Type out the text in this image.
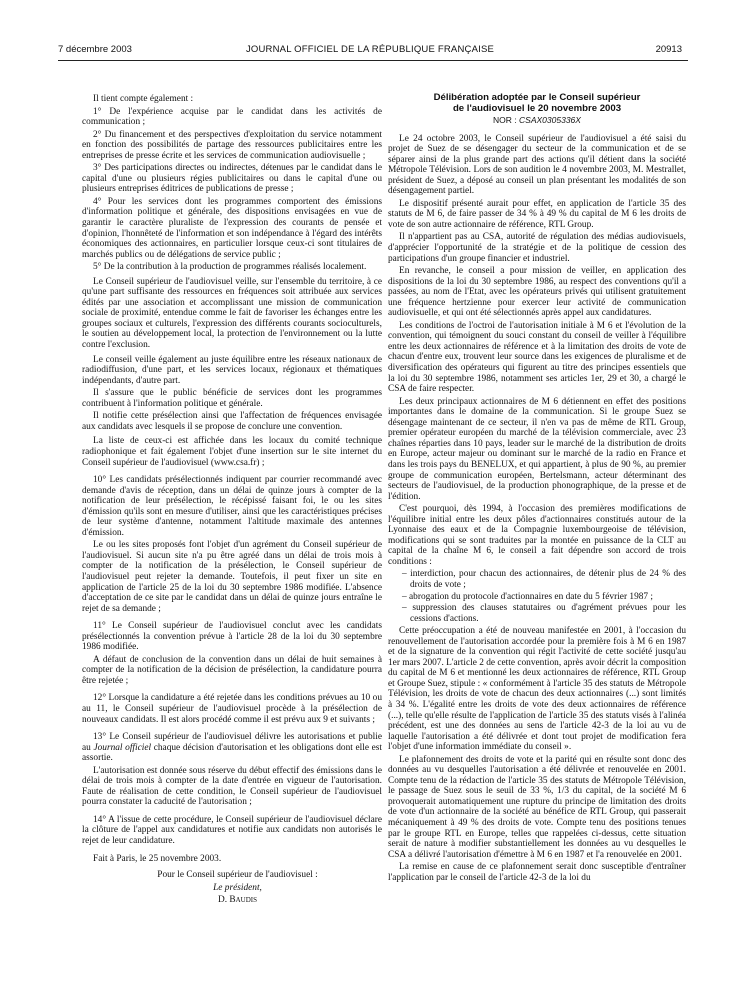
7 décembre 2003	JOURNAL OFFICIEL DE LA RÉPUBLIQUE FRANÇAISE	20913

Il tient compte également :

1° De l'expérience acquise par le candidat dans les activités de communication ;

2° Du financement et des perspectives d'exploitation du service notamment en fonction des possibilités de partage des ressources publicitaires entre les entreprises de presse écrite et les services de communication audiovisuelle ;

3° Des participations directes ou indirectes, détenues par le candidat dans le capital d'une ou plusieurs régies publicitaires ou dans le capital d'une ou plusieurs entreprises éditrices de publications de presse ;

4° Pour les services dont les programmes comportent des émissions d'information politique et générale, des dispositions envisagées en vue de garantir le caractère pluraliste de l'expression des courants de pensée et d'opinion, l'honnêteté de l'information et son indépendance à l'égard des intérêts économiques des actionnaires, en particulier lorsque ceux-ci sont titulaires de marchés publics ou de délégations de service public ;

5° De la contribution à la production de programmes réalisés localement.

Le Conseil supérieur de l'audiovisuel veille, sur l'ensemble du territoire, à ce qu'une part suffisante des ressources en fréquences soit attribuée aux services édités par une association et accomplissant une mission de communication sociale de proximité, entendue comme le fait de favoriser les échanges entre les groupes sociaux et culturels, l'expression des différents courants socioculturels, le soutien au développement local, la protection de l'environnement ou la lutte contre l'exclusion.

Le conseil veille également au juste équilibre entre les réseaux nationaux de radiodiffusion, d'une part, et les services locaux, régionaux et thématiques indépendants, d'autre part.

Il s'assure que le public bénéficie de services dont les programmes contribuent à l'information politique et générale.

Il notifie cette présélection ainsi que l'affectation de fréquences envisagée aux candidats avec lesquels il se propose de conclure une convention.

La liste de ceux-ci est affichée dans les locaux du comité technique radiophonique et fait également l'objet d'une insertion sur le site internet du Conseil supérieur de l'audiovisuel (www.csa.fr) ;

10° Les candidats présélectionnés indiquent par courrier recommandé avec demande d'avis de réception, dans un délai de quinze jours à compter de la notification de leur présélection, le récépissé faisant foi, le ou les sites d'émission qu'ils sont en mesure d'utiliser, ainsi que les caractéristiques précises de leur système d'antenne, notamment l'altitude maximale des antennes d'émission.

Le ou les sites proposés font l'objet d'un agrément du Conseil supérieur de l'audiovisuel. Si aucun site n'a pu être agréé dans un délai de trois mois à compter de la notification de la présélection, le Conseil supérieur de l'audiovisuel peut rejeter la demande. Toutefois, il peut fixer un site en application de l'article 25 de la loi du 30 septembre 1986 modifiée. L'absence d'acceptation de ce site par le candidat dans un délai de quinze jours entraîne le rejet de sa demande ;

11° Le Conseil supérieur de l'audiovisuel conclut avec les candidats présélectionnés la convention prévue à l'article 28 de la loi du 30 septembre 1986 modifiée.

A défaut de conclusion de la convention dans un délai de huit semaines à compter de la notification de la décision de présélection, la candidature pourra être rejetée ;

12° Lorsque la candidature a été rejetée dans les conditions prévues au 10 ou au 11, le Conseil supérieur de l'audiovisuel procède à la présélection de nouveaux candidats. Il est alors procédé comme il est prévu aux 9 et suivants ;

13° Le Conseil supérieur de l'audiovisuel délivre les autorisations et publie au Journal officiel chaque décision d'autorisation et les obligations dont elle est assortie.

L'autorisation est donnée sous réserve du début effectif des émissions dans le délai de trois mois à compter de la date d'entrée en vigueur de l'autorisation. Faute de réalisation de cette condition, le Conseil supérieur de l'audiovisuel pourra constater la caducité de l'autorisation ;

14° A l'issue de cette procédure, le Conseil supérieur de l'audiovisuel déclare la clôture de l'appel aux candidatures et notifie aux candidats non autorisés le rejet de leur candidature.

Fait à Paris, le 25 novembre 2003.

Pour le Conseil supérieur de l'audiovisuel :

Le président,

D. Baudis

Délibération adoptée par le Conseil supérieur
de l'audiovisuel le 20 novembre 2003
NOR : CSAX0305336X

Le 24 octobre 2003, le Conseil supérieur de l'audiovisuel a été saisi du projet de Suez de se désengager du secteur de la communication et de se séparer ainsi de la plus grande part des actions qu'il détient dans la société Métropole Télévision. Lors de son audition le 4 novembre 2003, M. Mestrallet, président de Suez, a déposé au conseil un plan présentant les modalités de son désengagement partiel.

Le dispositif présenté aurait pour effet, en application de l'article 35 des statuts de M 6, de faire passer de 34 % à 49 % du capital de M 6 les droits de vote de son autre actionnaire de référence, RTL Group.

Il n'appartient pas au CSA, autorité de régulation des médias audiovisuels, d'apprécier l'opportunité de la stratégie et de la politique de cession des participations d'un groupe financier et industriel.

En revanche, le conseil a pour mission de veiller, en application des dispositions de la loi du 30 septembre 1986, au respect des conventions qu'il a passées, au nom de l'Etat, avec les opérateurs privés qui utilisent gratuitement une fréquence hertzienne pour exercer leur activité de communication audiovisuelle, et qui ont été sélectionnés après appel aux candidatures.

Les conditions de l'octroi de l'autorisation initiale à M 6 et l'évolution de la convention, qui témoignent du souci constant du conseil de veiller à l'équilibre entre les deux actionnaires de référence et à la limitation des droits de vote de chacun d'entre eux, trouvent leur source dans les exigences de pluralisme et de diversification des opérateurs qui figurent au titre des principes essentiels que la loi du 30 septembre 1986, notamment ses articles 1er, 29 et 30, a chargé le CSA de faire respecter.

Les deux principaux actionnaires de M 6 détiennent en effet des positions importantes dans le domaine de la communication. Si le groupe Suez se désengage maintenant de ce secteur, il n'en va pas de même de RTL Group, premier opérateur européen du marché de la télévision commerciale, avec 23 chaînes réparties dans 10 pays, leader sur le marché de la distribution de droits en Europe, acteur majeur ou dominant sur le marché de la radio en France et dans les trois pays du BENELUX, et qui appartient, à plus de 90 %, au premier groupe de communication européen, Bertelsmann, acteur déterminant des secteurs de l'audiovisuel, de la production phonographique, de la presse et de l'édition.

C'est pourquoi, dès 1994, à l'occasion des premières modifications de l'équilibre initial entre les deux pôles d'actionnaires constitués autour de la Lyonnaise des eaux et de la Compagnie luxembourgeoise de télévision, modifications qui se sont traduites par la montée en puissance de la CLT au capital de la chaîne M 6, le conseil a fait dépendre son accord de trois conditions :

– interdiction, pour chacun des actionnaires, de détenir plus de 24 % des droits de vote ;
– abrogation du protocole d'actionnaires en date du 5 février 1987 ;
– suppression des clauses statutaires ou d'agrément prévues pour les cessions d'actions.

Cette préoccupation a été de nouveau manifestée en 2001, à l'occasion du renouvellement de l'autorisation accordée pour la première fois à M 6 en 1987 et de la signature de la convention qui régit l'activité de cette société jusqu'au 1er mars 2007. L'article 2 de cette convention, après avoir décrit la composition du capital de M 6 et mentionné les deux actionnaires de référence, RTL Group et Groupe Suez, stipule : « conformément à l'article 35 des statuts de Métropole Télévision, les droits de vote de chacun des deux actionnaires (...) sont limités à 34 %. L'égalité entre les droits de vote des deux actionnaires de référence (...), telle qu'elle résulte de l'application de l'article 35 des statuts visés à l'alinéa précédent, est une des données au sens de l'article 42-3 de la loi au vu de laquelle l'autorisation a été délivrée et dont tout projet de modification fera l'objet d'une information immédiate du conseil ».

Le plafonnement des droits de vote et la parité qui en résulte sont donc des données au vu desquelles l'autorisation a été délivrée et renouvelée en 2001. Compte tenu de la rédaction de l'article 35 des statuts de Métropole Télévision, le passage de Suez sous le seuil de 33 %, 1/3 du capital, de la société M 6 provoquerait automatiquement une rupture du principe de limitation des droits de vote d'un actionnaire de la société au bénéfice de RTL Group, qui passerait mécaniquement à 49 % des droits de vote. Compte tenu des positions tenues par le groupe RTL en Europe, telles que rappelées ci-dessus, cette situation serait de nature à modifier substantiellement les données au vu desquelles le CSA a délivré l'autorisation d'émettre à M 6 en 1987 et l'a renouvelée en 2001.

La remise en cause de ce plafonnement serait donc susceptible d'entraîner l'application par le conseil de l'article 42-3 de la loi du
